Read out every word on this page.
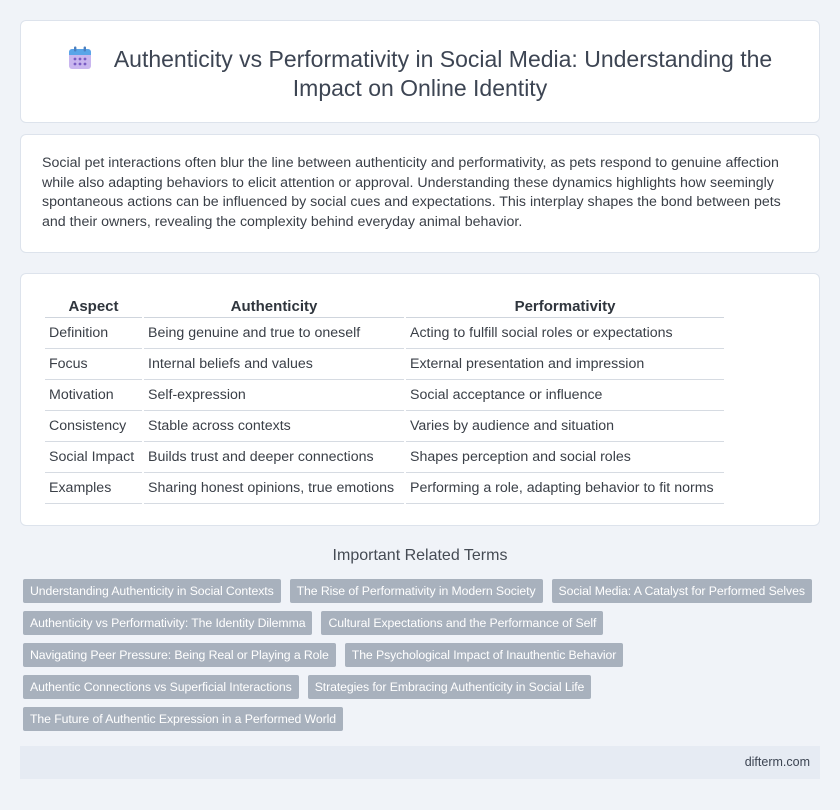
Authenticity vs Performativity in Social Media: Understanding the Impact on Online Identity

Social pet interactions often blur the line between authenticity and performativity, as pets respond to genuine affection while also adapting behaviors to elicit attention or approval. Understanding these dynamics highlights how seemingly spontaneous actions can be influenced by social cues and expectations. This interplay shapes the bond between pets and their owners, revealing the complexity behind everyday animal behavior.

Aspect	Authenticity	Performativity
Definition	Being genuine and true to oneself	Acting to fulfill social roles or expectations
Focus	Internal beliefs and values	External presentation and impression
Motivation	Self-expression	Social acceptance or influence
Consistency	Stable across contexts	Varies by audience and situation
Social Impact	Builds trust and deeper connections	Shapes perception and social roles
Examples	Sharing honest opinions, true emotions	Performing a role, adapting behavior to fit norms
Important Related Terms
Understanding Authenticity in Social Contexts	The Rise of Performativity in Modern Society	Social Media: A Catalyst for Performed Selves
Authenticity vs Performativity: The Identity Dilemma	Cultural Expectations and the Performance of Self
Navigating Peer Pressure: Being Real or Playing a Role	The Psychological Impact of Inauthentic Behavior
Authentic Connections vs Superficial Interactions	Strategies for Embracing Authenticity in Social Life
The Future of Authentic Expression in a Performed World
difterm.com
